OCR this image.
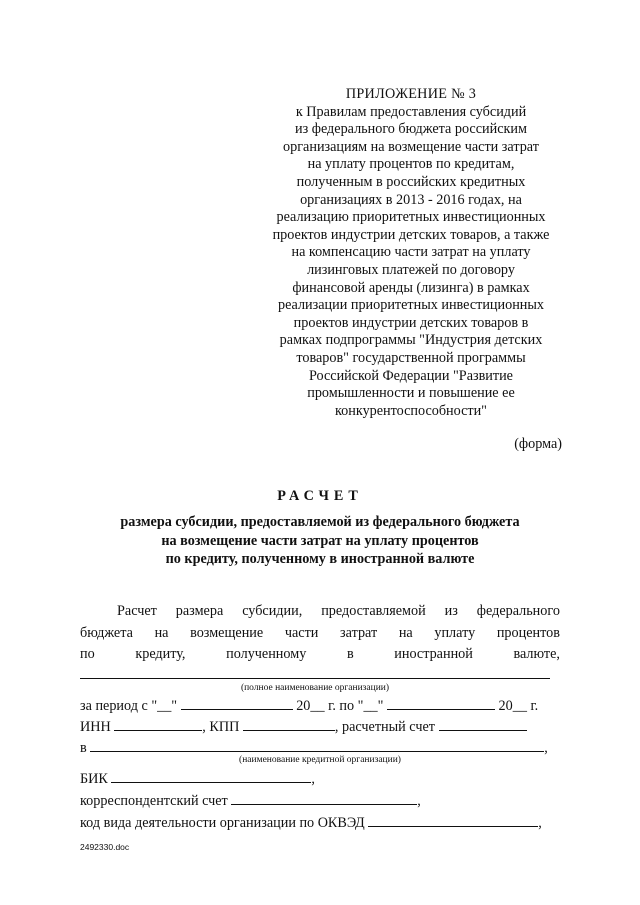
ПРИЛОЖЕНИЕ № 3
к Правилам предоставления субсидий
из федерального бюджета российским
организациям на возмещение части затрат
на уплату процентов по кредитам,
полученным в российских кредитных
организациях в 2013 - 2016 годах, на
реализацию приоритетных инвестиционных
проектов индустрии детских товаров, а также
на компенсацию части затрат на уплату
лизинговых платежей по договору
финансовой аренды (лизинга) в рамках
реализации приоритетных инвестиционных
проектов индустрии детских товаров в
рамках подпрограммы "Индустрия детских
товаров" государственной программы
Российской Федерации "Развитие
промышленности и повышение ее
конкурентоспособности"
(форма)
РАСЧЕТ
размера субсидии, предоставляемой из федерального бюджета
на возмещение части затрат на уплату процентов
по кредиту, полученному в иностранной валюте
Расчет размера субсидии, предоставляемой из федерального
бюджета на возмещение части затрат на уплату процентов
по	кредиту,	полученному	в	иностранной	валюте,
(полное наименование организации)
за период с "__"	20__ г. по "__"	20__ г.
ИНН	, КПП	, расчетный счет
в	,
(наименование кредитной организации)
БИК	,
корреспондентский счет	,
код вида деятельности организации по ОКВЭД	,
2492330.doc
